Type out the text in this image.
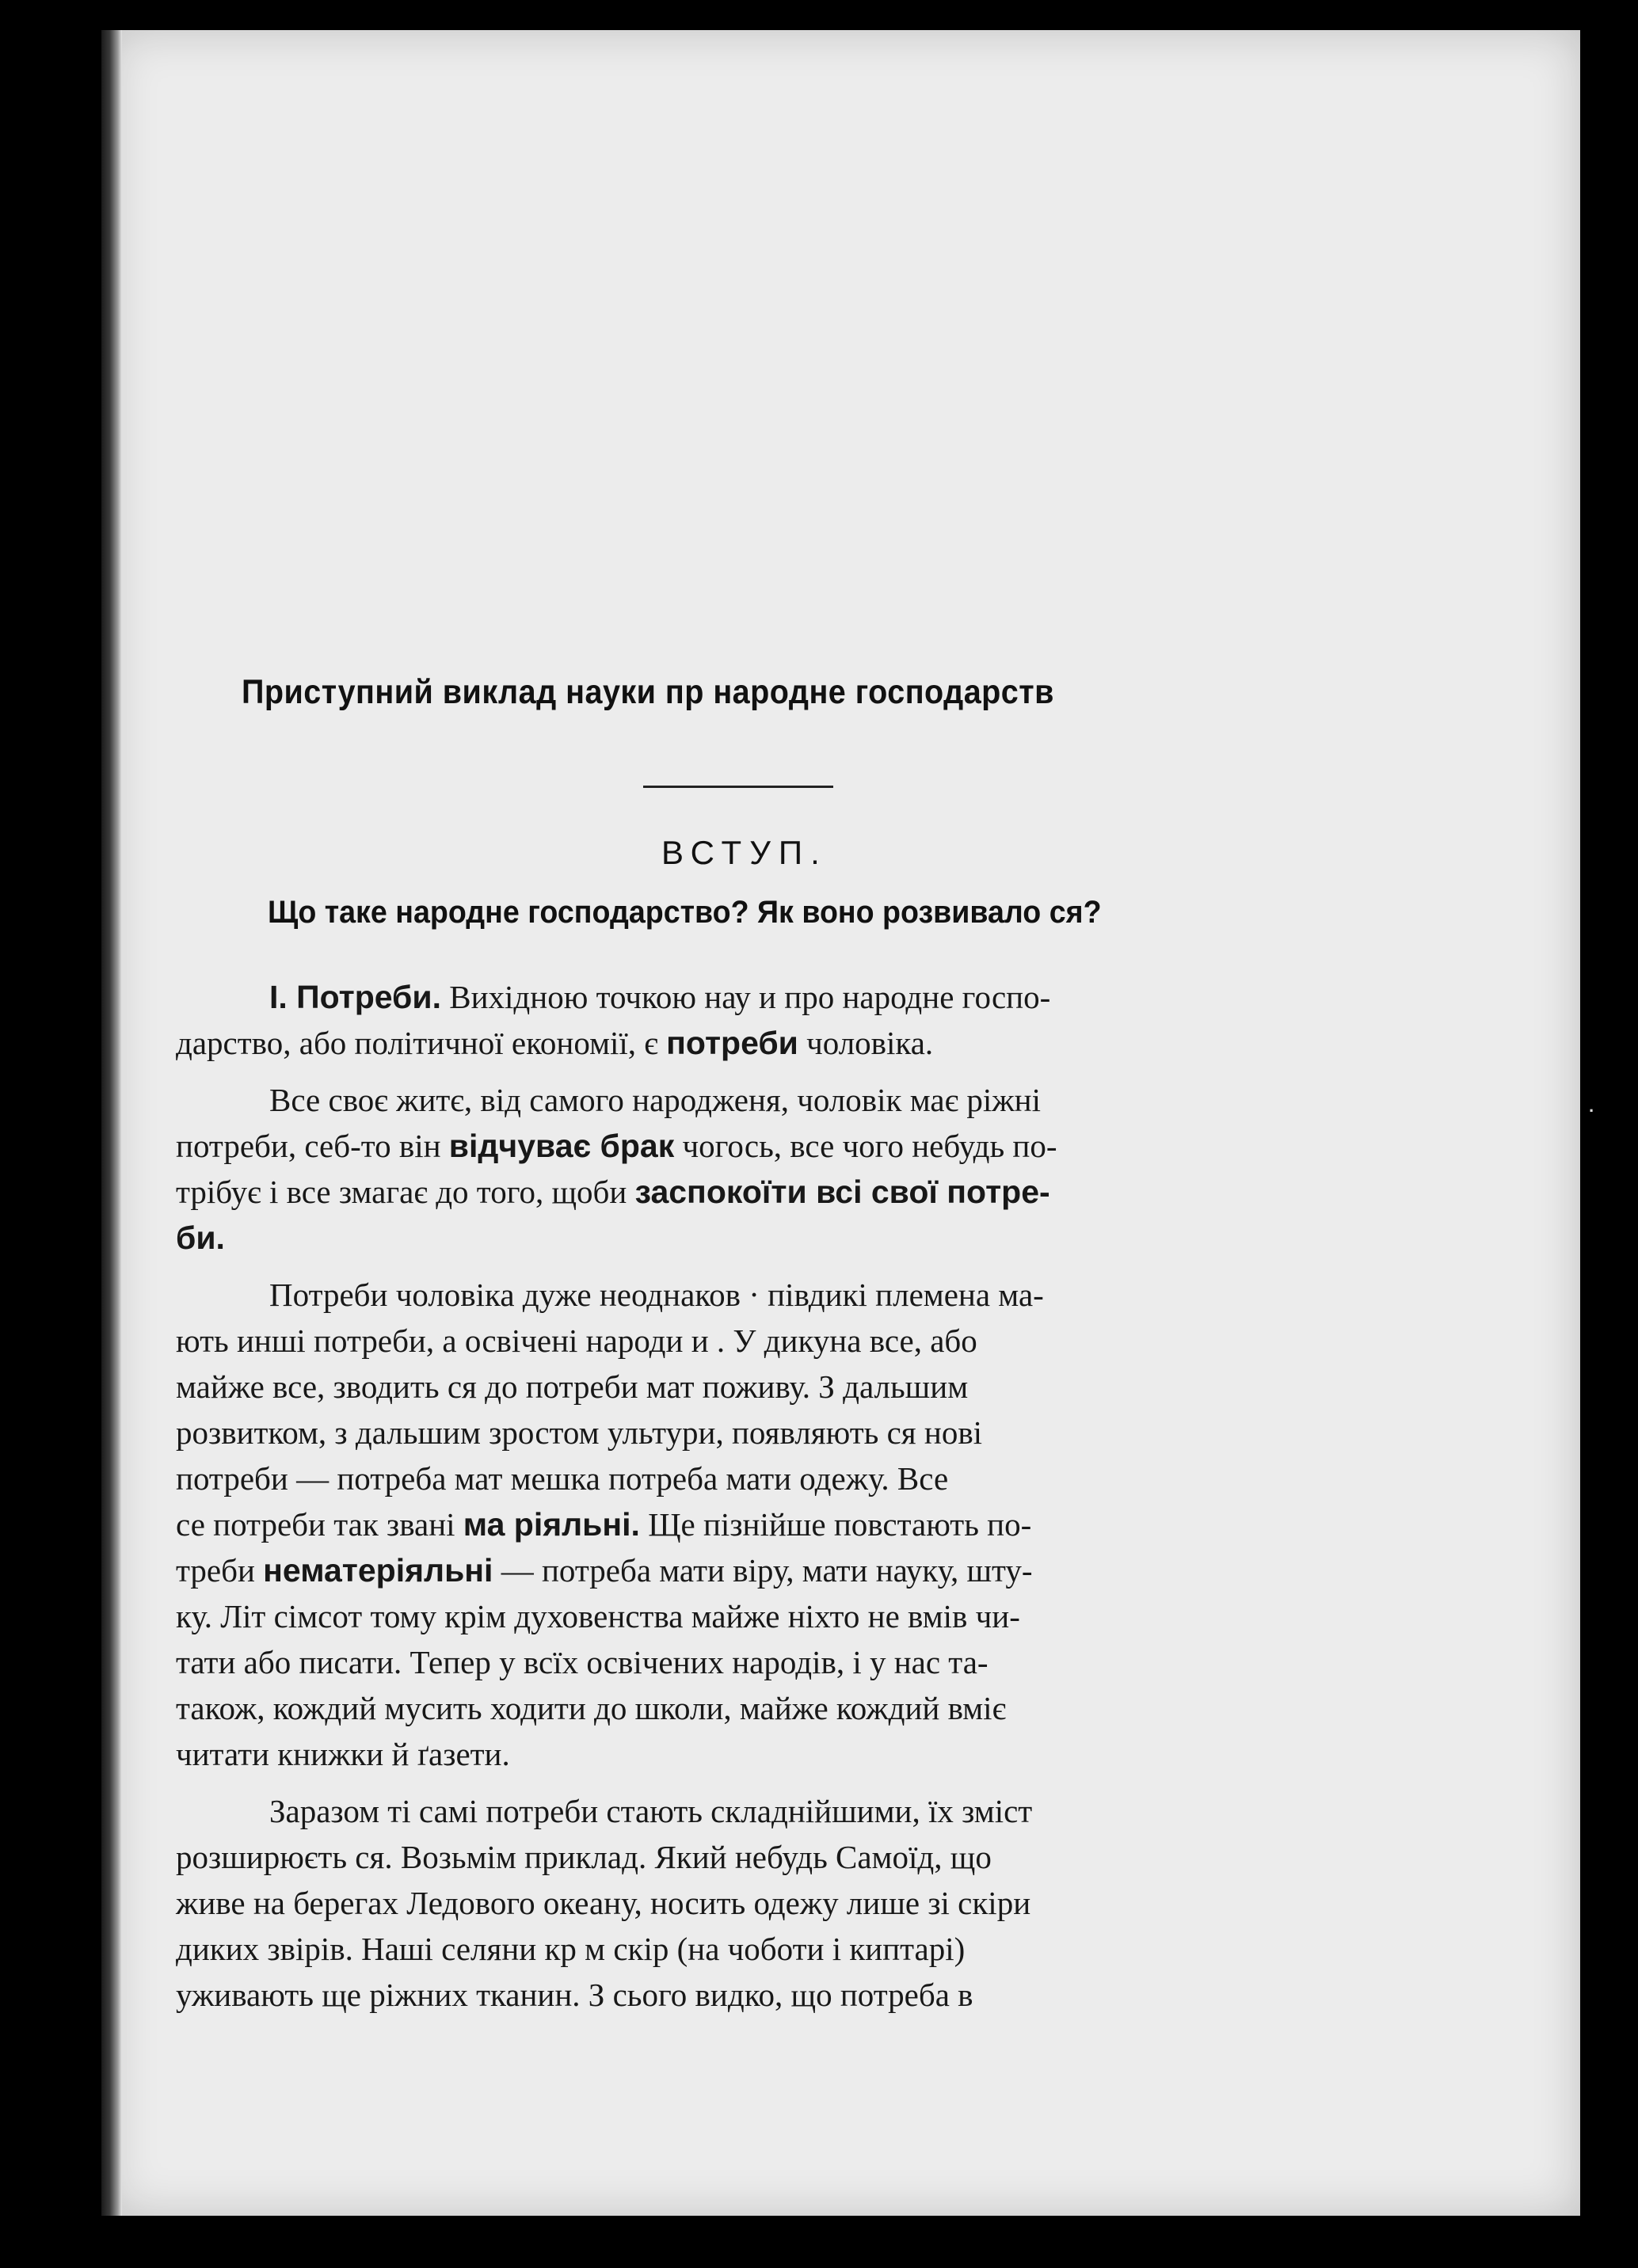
·
Приступний виклад науки пр народне господарств
ВСТУП.
Що таке народне господарство? Як воно розвивало ся?
І. Потреби. Вихідною точкою нау и про народне госпо-
дарство, або політичної економії, є потреби чоловіка.
Все своє житє, від самого народженя, чоловік має ріжні
потреби, себ-то він відчуває брак чогось, все чого небудь по-
трібує і все змагає до того, щоби заспокоїти всі свої потре-
би.
Потреби чоловіка дуже неоднаков · півдикі племена ма-
ють инші потреби, а освічені народи и . У дикуна все, або
майже все, зводить ся до потреби мат поживу. З дальшим
розвитком, з дальшим зростом ультури, появляють ся нові
потреби — потреба мат мешка потреба мати одежу. Все
се потреби так звані ма ріяльні. Ще пізнійше повстають по-
треби нематеріяльні — потреба мати віру, мати науку, шту-
ку. Літ сімсот тому крім духовенства майже ніхто не вмів чи-
тати або писати. Тепер у всїх освічених народів, і у нас та-
також, кождий мусить ходити до школи, майже кождий вміє
читати книжки й ґазети.
Заразом ті самі потреби стають складнійшими, їх зміст
розширюєть ся. Возьмім приклад. Який небудь Самоїд, що
живе на берегах Ледового океану, носить одежу лише зі скіри
диких звірів. Наші селяни кр м скір (на чоботи і киптарі)
уживають ще ріжних тканин. З сього видко, що потреба в
